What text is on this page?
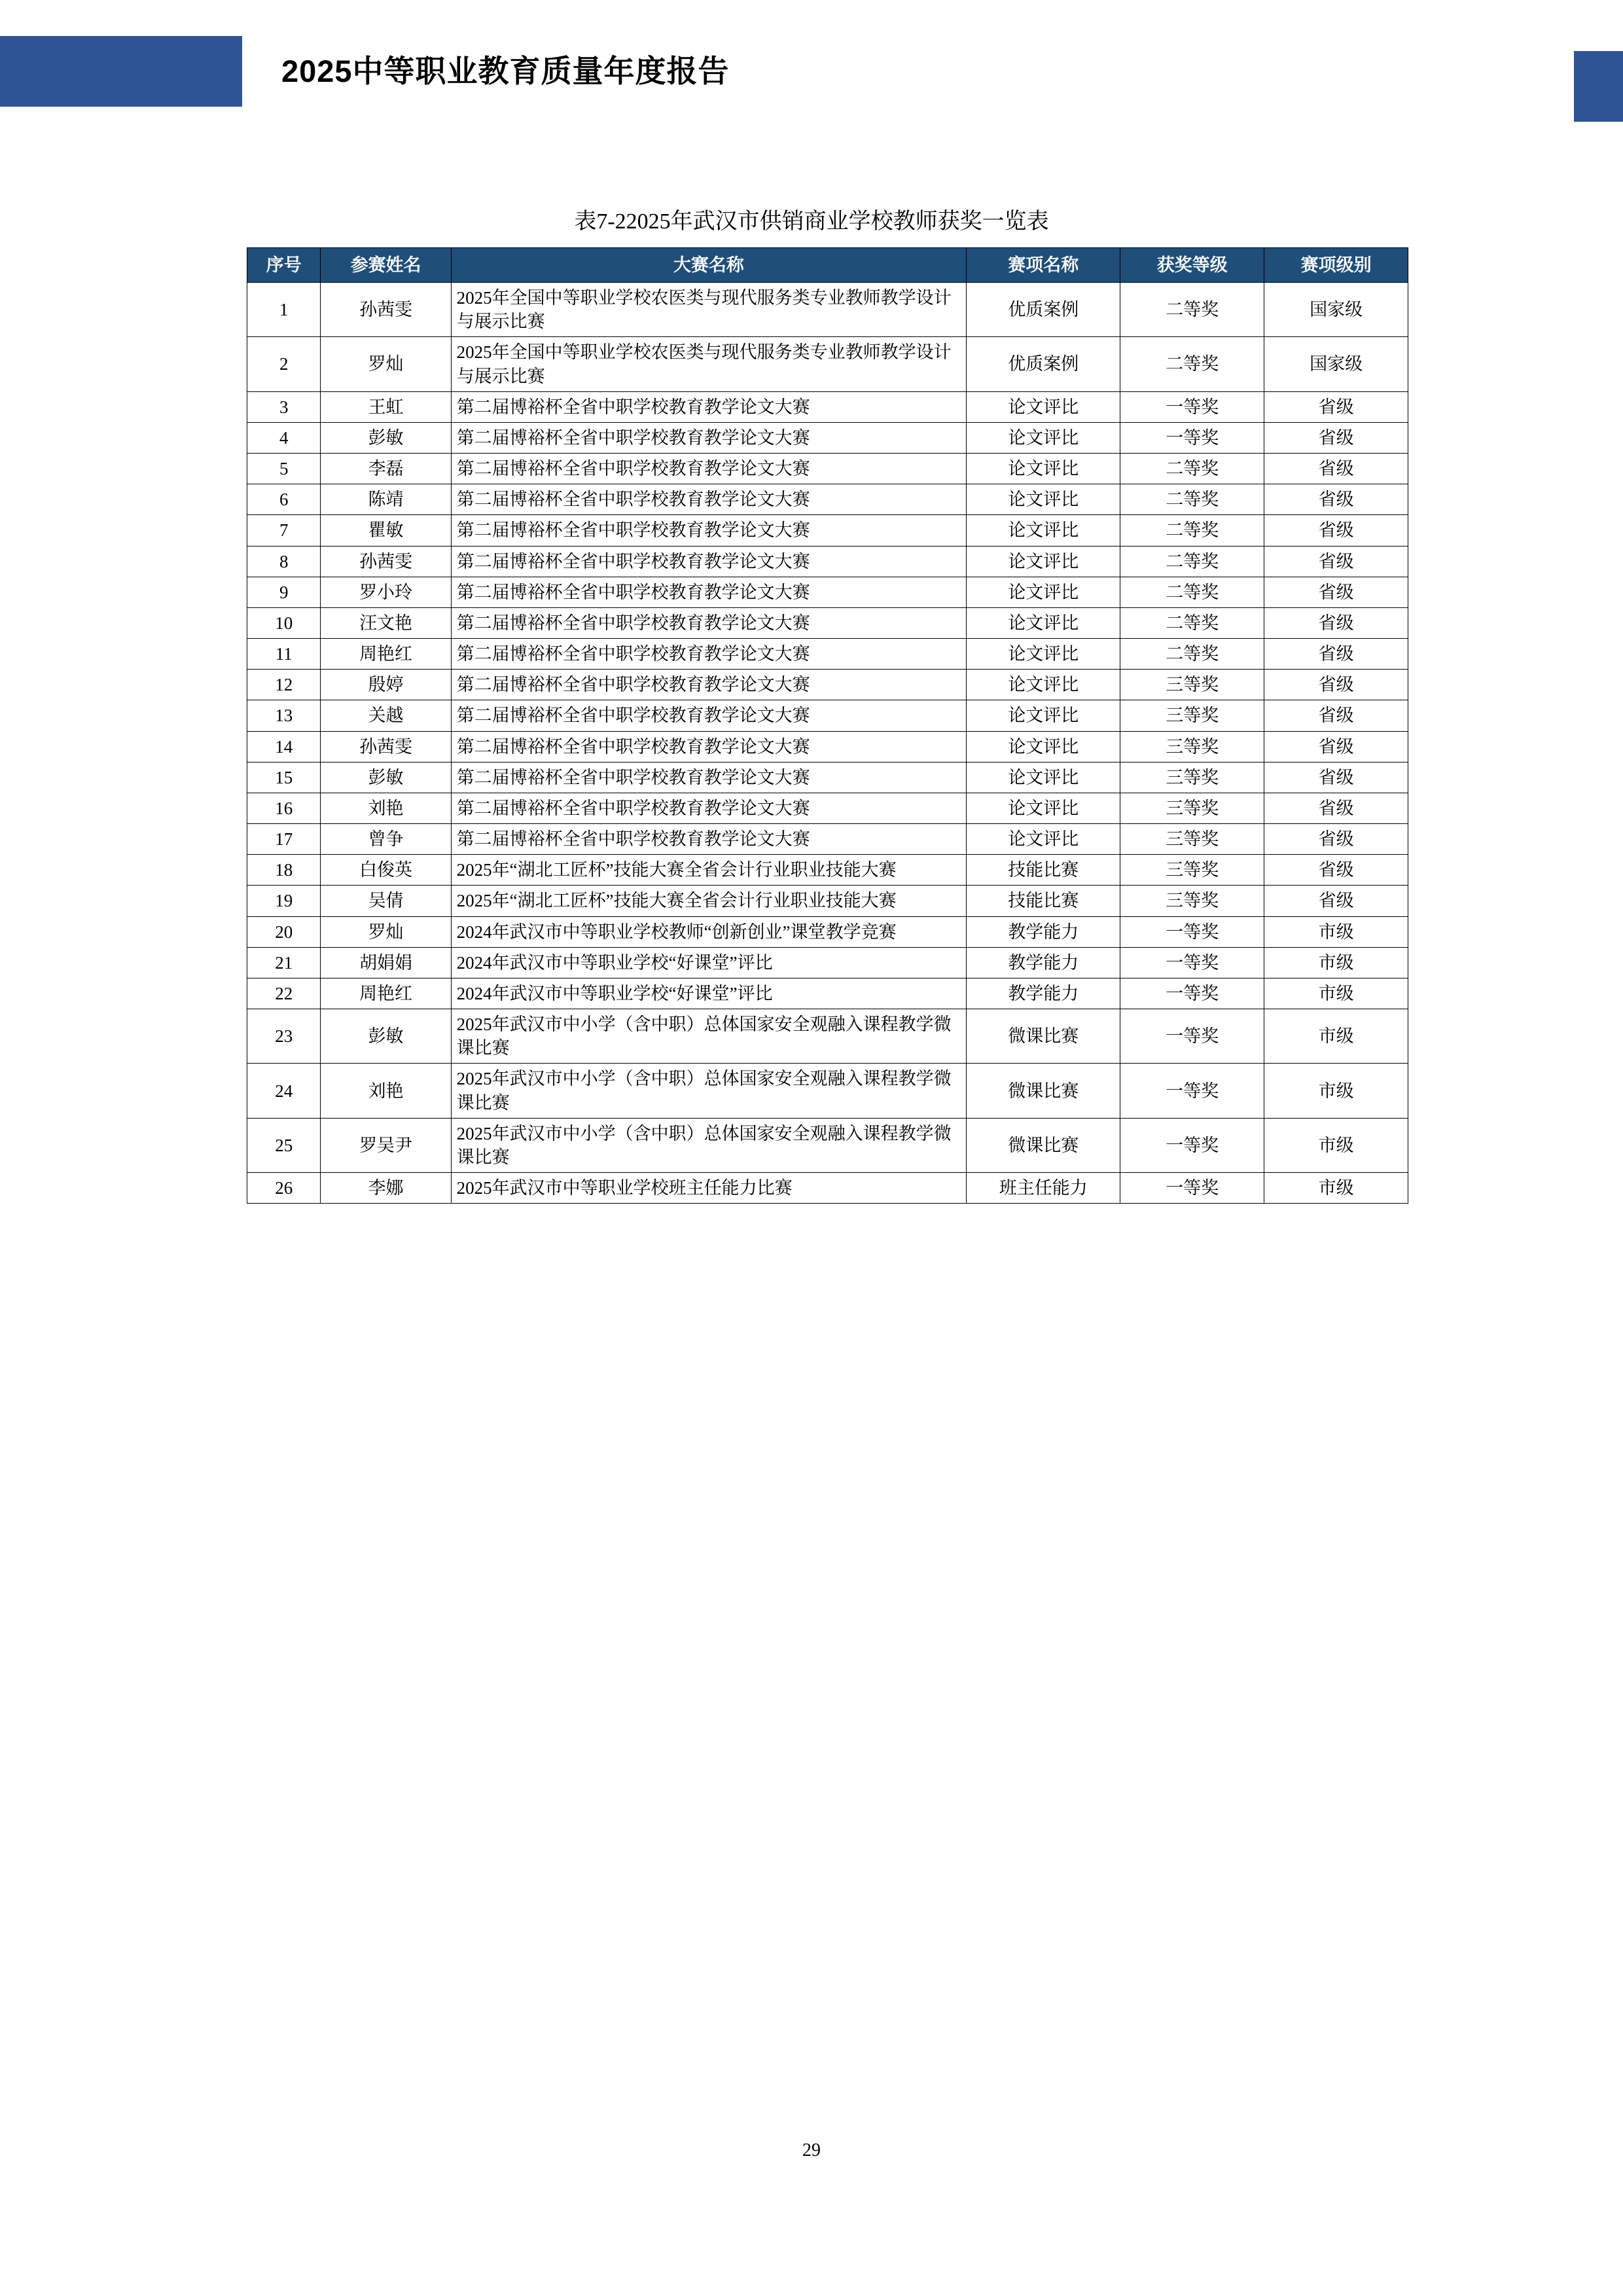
2025中等职业教育质量年度报告
表7-22025年武汉市供销商业学校教师获奖一览表
序号	参赛姓名	大赛名称	赛项名称	获奖等级	赛项级别
1	孙茜雯	2025年全国中等职业学校农医类与现代服务类专业教师教学设计与展示比赛	优质案例	二等奖	国家级
2	罗灿	2025年全国中等职业学校农医类与现代服务类专业教师教学设计与展示比赛	优质案例	二等奖	国家级
3	王虹	第二届博裕杯全省中职学校教育教学论文大赛	论文评比	一等奖	省级
4	彭敏	第二届博裕杯全省中职学校教育教学论文大赛	论文评比	一等奖	省级
5	李磊	第二届博裕杯全省中职学校教育教学论文大赛	论文评比	二等奖	省级
6	陈靖	第二届博裕杯全省中职学校教育教学论文大赛	论文评比	二等奖	省级
7	瞿敏	第二届博裕杯全省中职学校教育教学论文大赛	论文评比	二等奖	省级
8	孙茜雯	第二届博裕杯全省中职学校教育教学论文大赛	论文评比	二等奖	省级
9	罗小玲	第二届博裕杯全省中职学校教育教学论文大赛	论文评比	二等奖	省级
10	汪文艳	第二届博裕杯全省中职学校教育教学论文大赛	论文评比	二等奖	省级
11	周艳红	第二届博裕杯全省中职学校教育教学论文大赛	论文评比	二等奖	省级
12	殷婷	第二届博裕杯全省中职学校教育教学论文大赛	论文评比	三等奖	省级
13	关越	第二届博裕杯全省中职学校教育教学论文大赛	论文评比	三等奖	省级
14	孙茜雯	第二届博裕杯全省中职学校教育教学论文大赛	论文评比	三等奖	省级
15	彭敏	第二届博裕杯全省中职学校教育教学论文大赛	论文评比	三等奖	省级
16	刘艳	第二届博裕杯全省中职学校教育教学论文大赛	论文评比	三等奖	省级
17	曾争	第二届博裕杯全省中职学校教育教学论文大赛	论文评比	三等奖	省级
18	白俊英	2025年“湖北工匠杯”技能大赛全省会计行业职业技能大赛	技能比赛	三等奖	省级
19	吴倩	2025年“湖北工匠杯”技能大赛全省会计行业职业技能大赛	技能比赛	三等奖	省级
20	罗灿	2024年武汉市中等职业学校教师“创新创业”课堂教学竞赛	教学能力	一等奖	市级
21	胡娟娟	2024年武汉市中等职业学校“好课堂”评比	教学能力	一等奖	市级
22	周艳红	2024年武汉市中等职业学校“好课堂”评比	教学能力	一等奖	市级
23	彭敏	2025年武汉市中小学（含中职）总体国家安全观融入课程教学微课比赛	微课比赛	一等奖	市级
24	刘艳	2025年武汉市中小学（含中职）总体国家安全观融入课程教学微课比赛	微课比赛	一等奖	市级
25	罗吴尹	2025年武汉市中小学（含中职）总体国家安全观融入课程教学微课比赛	微课比赛	一等奖	市级
26	李娜	2025年武汉市中等职业学校班主任能力比赛	班主任能力	一等奖	市级
29
